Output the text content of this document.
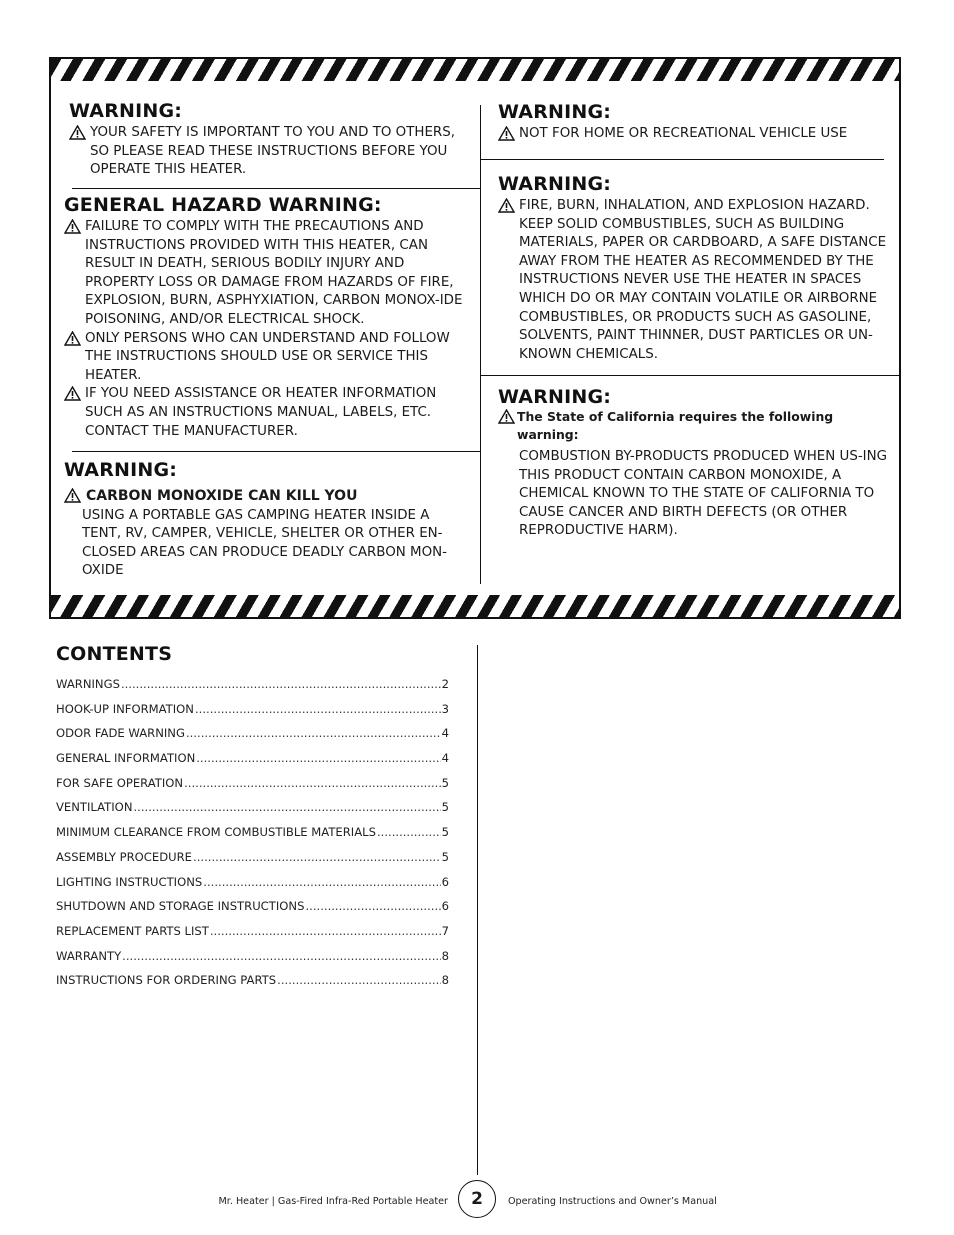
WARNING:
YOUR SAFETY IS IMPORTANT TO YOU AND TO OTHERS, SO PLEASE READ THESE INSTRUCTIONS BEFORE YOU OPERATE THIS HEATER.
GENERAL HAZARD WARNING:
FAILURE TO COMPLY WITH THE PRECAUTIONS AND INSTRUCTIONS PROVIDED WITH THIS HEATER, CAN RESULT IN DEATH, SERIOUS BODILY INJURY AND PROPERTY LOSS OR DAMAGE FROM HAZARDS OF FIRE, EXPLOSION, BURN, ASPHYXIATION, CARBON MONOX-IDE POISONING, AND/OR ELECTRICAL SHOCK.
ONLY PERSONS WHO CAN UNDERSTAND AND FOLLOW THE INSTRUCTIONS SHOULD USE OR SERVICE THIS HEATER.
IF YOU NEED ASSISTANCE OR HEATER INFORMATION SUCH AS AN INSTRUCTIONS MANUAL, LABELS, ETC. CONTACT THE MANUFACTURER.
WARNING:
CARBON MONOXIDE CAN KILL YOU
USING A PORTABLE GAS CAMPING HEATER INSIDE A TENT, RV, CAMPER, VEHICLE, SHELTER OR OTHER EN-CLOSED AREAS CAN PRODUCE DEADLY CARBON MON-OXIDE
WARNING:
NOT FOR HOME OR RECREATIONAL VEHICLE USE
WARNING:
FIRE, BURN, INHALATION, AND EXPLOSION HAZARD. KEEP SOLID COMBUSTIBLES, SUCH AS BUILDING MATERIALS, PAPER OR CARDBOARD, A SAFE DISTANCE AWAY FROM THE HEATER AS RECOMMENDED BY THE INSTRUCTIONS NEVER USE THE HEATER IN SPACES WHICH DO OR MAY CONTAIN VOLATILE OR AIRBORNE COMBUSTIBLES, OR PRODUCTS SUCH AS GASOLINE, SOLVENTS, PAINT THINNER, DUST PARTICLES OR UN-KNOWN CHEMICALS.
WARNING:
The State of California requires the following warning:
COMBUSTION BY-PRODUCTS PRODUCED WHEN US-ING THIS PRODUCT CONTAIN CARBON MONOXIDE, A CHEMICAL KNOWN TO THE STATE OF CALIFORNIA TO CAUSE CANCER AND BIRTH DEFECTS (OR OTHER REPRODUCTIVE HARM).
CONTENTS
WARNINGS .....	2
HOOK-UP INFORMATION .....	3
ODOR FADE WARNING .....	4
GENERAL INFORMATION .....	4
FOR SAFE OPERATION .....	5
VENTILATION .....	5
MINIMUM CLEARANCE FROM COMBUSTIBLE MATERIALS .....	5
ASSEMBLY PROCEDURE .....	5
LIGHTING INSTRUCTIONS .....	6
SHUTDOWN AND STORAGE INSTRUCTIONS .....	6
REPLACEMENT PARTS LIST .....	7
WARRANTY .....	8
INSTRUCTIONS FOR ORDERING PARTS .....	8
Mr. Heater | Gas-Fired Infra-Red Portable Heater	2	Operating Instructions and Owner’s Manual
